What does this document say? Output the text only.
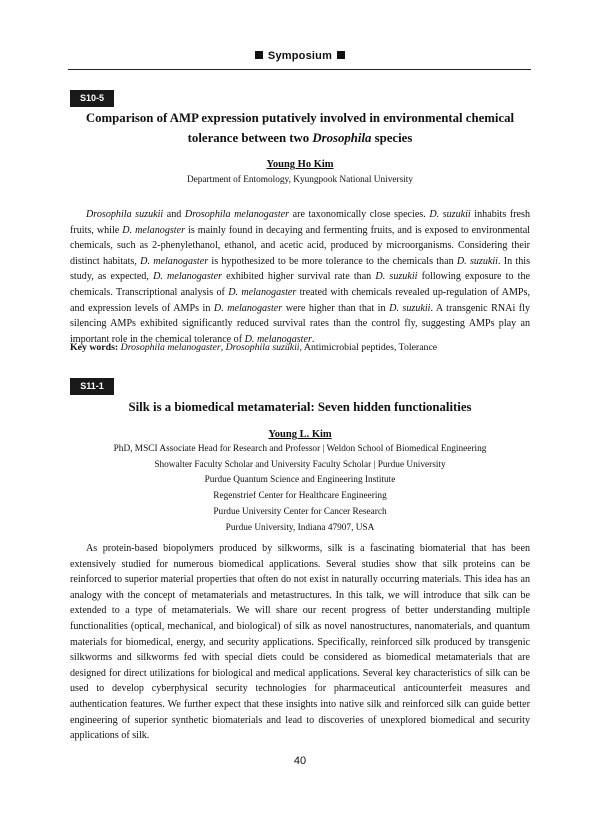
Symposium
S10-5
Comparison of AMP expression putatively involved in environmental chemical
tolerance between two Drosophila species
Young Ho Kim
Department of Entomology, Kyungpook National University

Drosophila suzukii and Drosophila melanogaster are taxonomically close species. D. suzukii inhabits fresh fruits, while D. melanogster is mainly found in decaying and fermenting fruits, and is exposed to environmental chemicals, such as 2-phenylethanol, ethanol, and acetic acid, produced by microorganisms. Considering their distinct habitats, D. melanogaster is hypothesized to be more tolerance to the chemicals than D. suzukii. In this study, as expected, D. melanogaster exhibited higher survival rate than D. suzukii following exposure to the chemicals. Transcriptional analysis of D. melanogaster treated with chemicals revealed up-regulation of AMPs, and expression levels of AMPs in D. melanogaster were higher than that in D. suzukii. A transgenic RNAi fly silencing AMPs exhibited significantly reduced survival rates than the control fly, suggesting AMPs play an important role in the chemical tolerance of D. melanogaster.

Key words: Drosophila melanogaster, Drosophila suzukii, Antimicrobial peptides, Tolerance
S11-1
Silk is a biomedical metamaterial: Seven hidden functionalities
Young L. Kim
PhD, MSCI Associate Head for Research and Professor | Weldon School of Biomedical Engineering
Showalter Faculty Scholar and University Faculty Scholar | Purdue University
Purdue Quantum Science and Engineering Institute
Regenstrief Center for Healthcare Engineering
Purdue University Center for Cancer Research
Purdue University, Indiana 47907, USA

As protein-based biopolymers produced by silkworms, silk is a fascinating biomaterial that has been extensively studied for numerous biomedical applications. Several studies show that silk proteins can be reinforced to superior material properties that often do not exist in naturally occurring materials. This idea has an analogy with the concept of metamaterials and metastructures. In this talk, we will introduce that silk can be extended to a type of metamaterials. We will share our recent progress of better understanding multiple functionalities (optical, mechanical, and biological) of silk as novel nanostructures, nanomaterials, and quantum materials for biomedical, energy, and security applications. Specifically, reinforced silk produced by transgenic silkworms and silkworms fed with special diets could be considered as biomedical metamaterials that are designed for direct utilizations for biological and medical applications. Several key characteristics of silk can be used to develop cyberphysical security technologies for pharmaceutical anticounterfeit measures and authentication features. We further expect that these insights into native silk and reinforced silk can guide better engineering of superior synthetic biomaterials and lead to discoveries of unexplored biomedical and security applications of silk.

40
